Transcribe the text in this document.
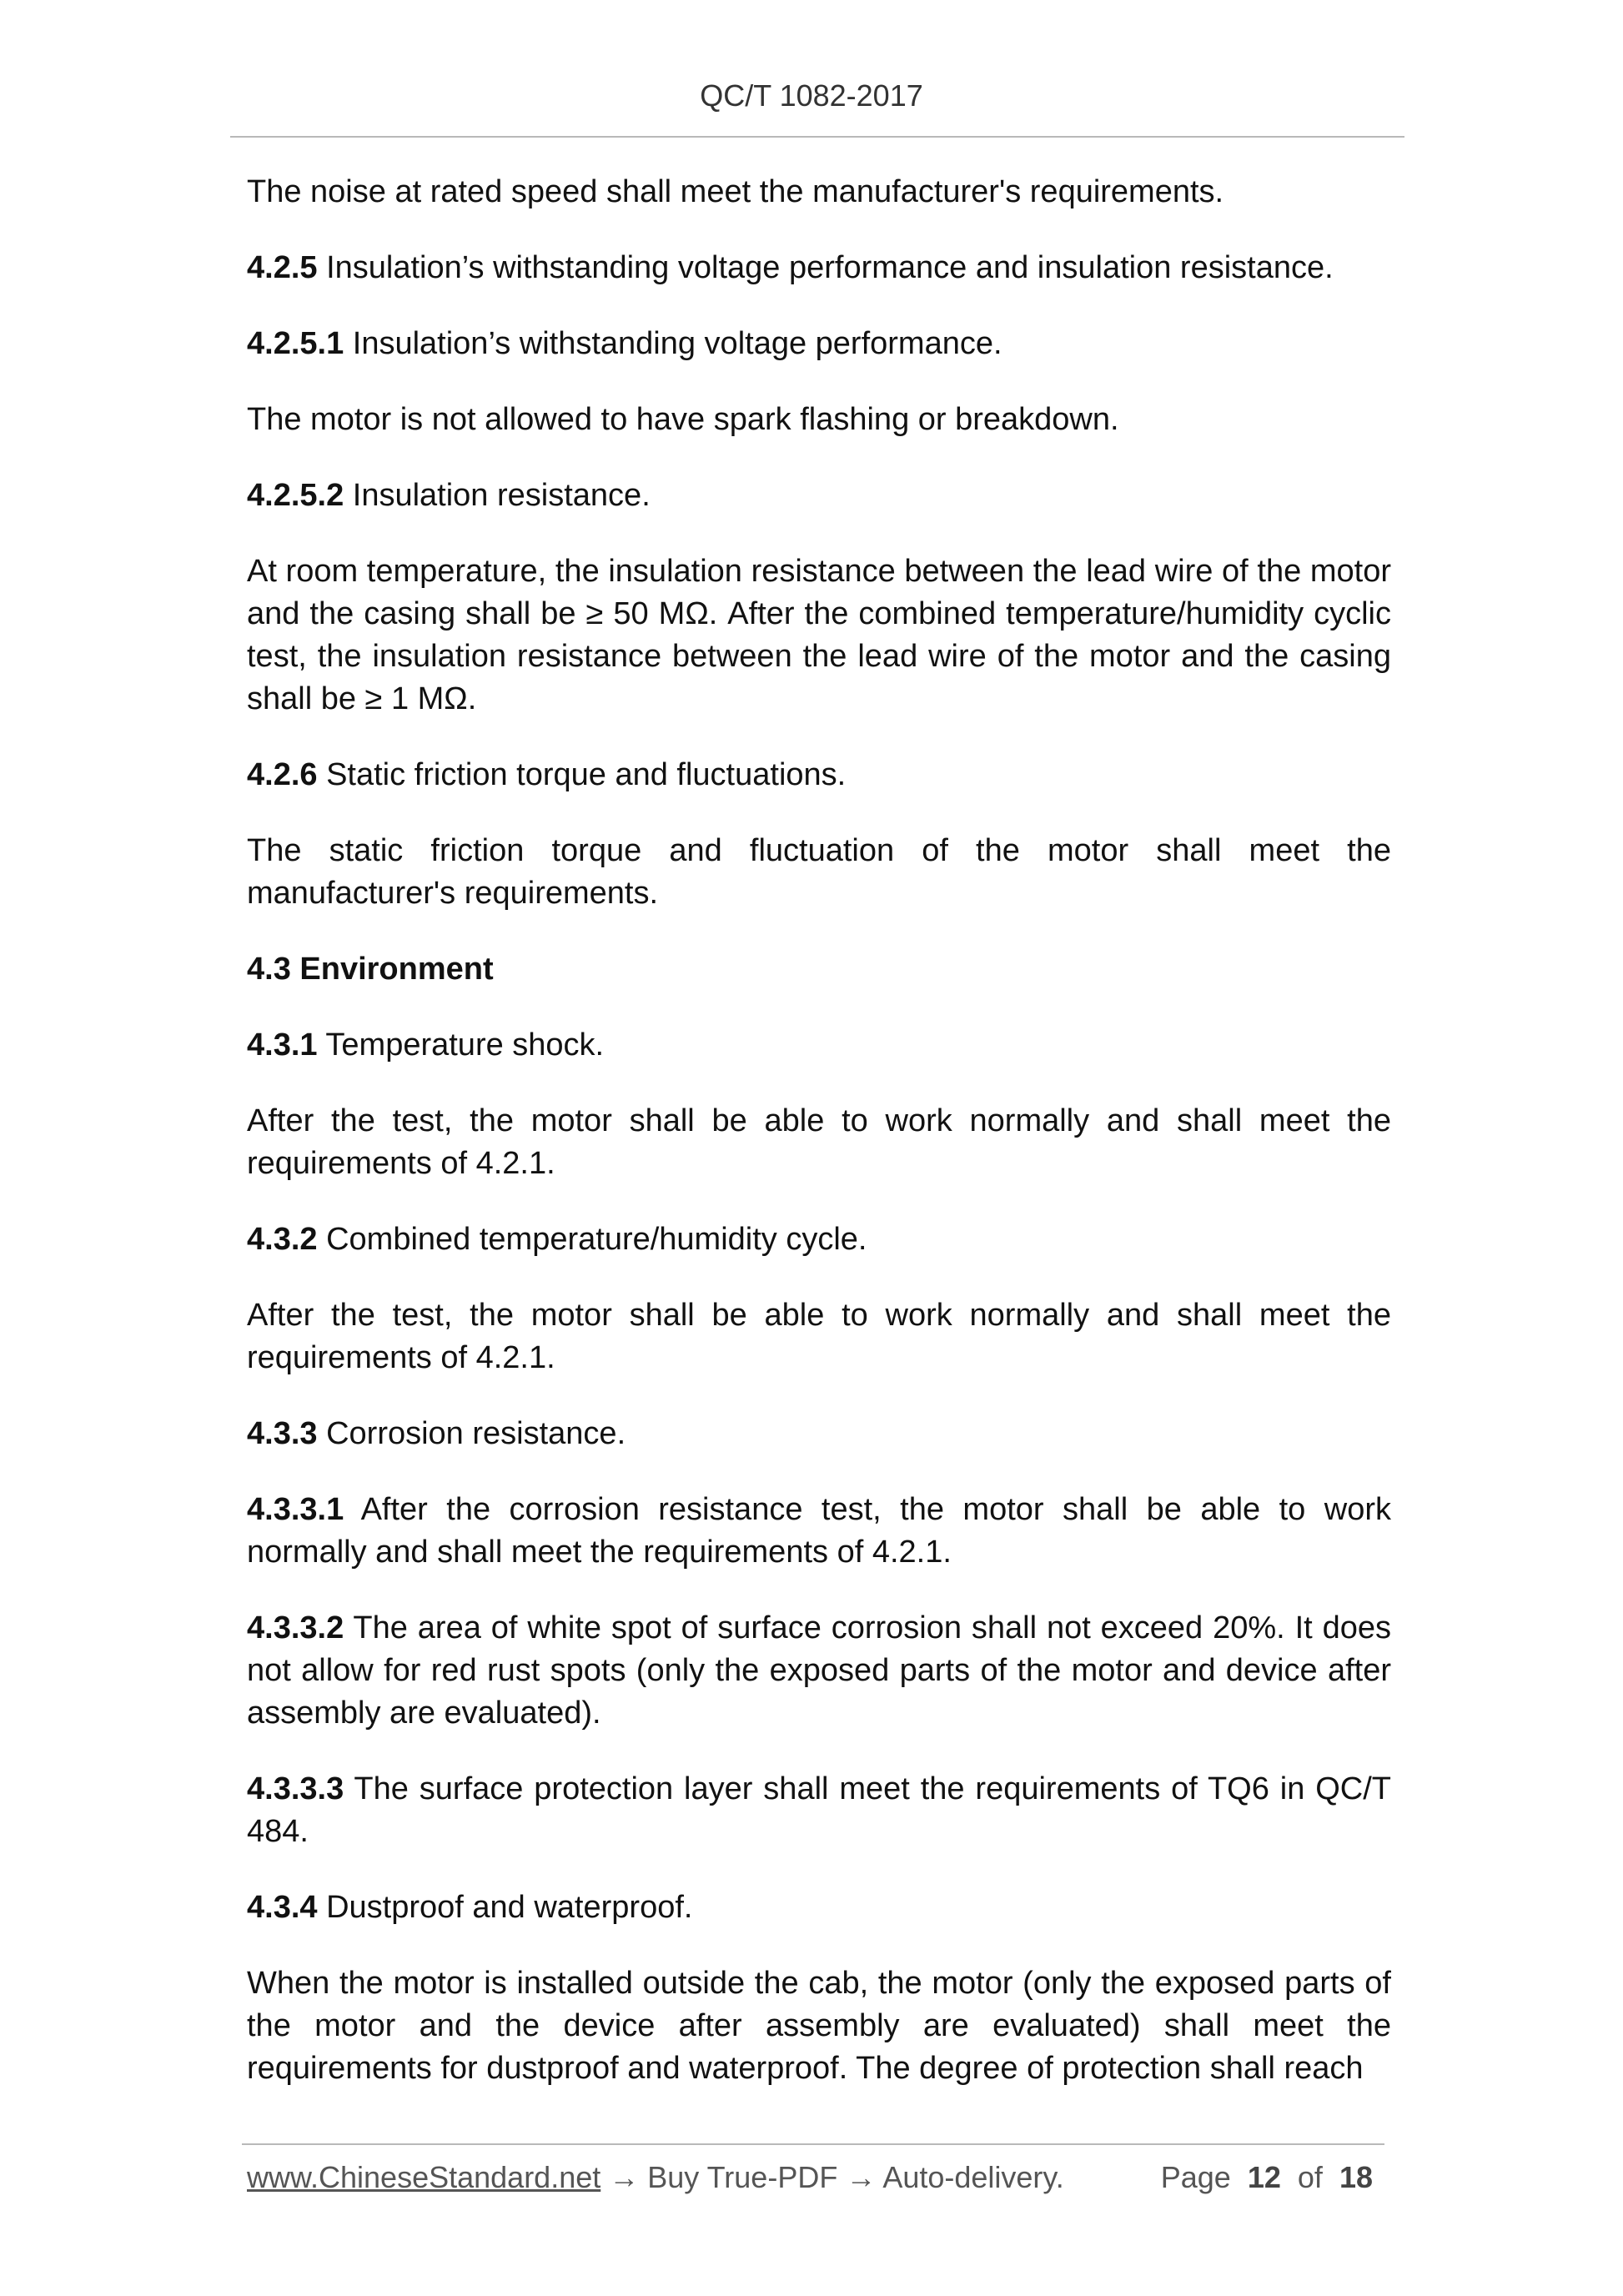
QC/T 1082-2017

The noise at rated speed shall meet the manufacturer's requirements.

4.2.5 Insulation’s withstanding voltage performance and insulation resistance.

4.2.5.1 Insulation’s withstanding voltage performance.

The motor is not allowed to have spark flashing or breakdown.

4.2.5.2 Insulation resistance.

At room temperature, the insulation resistance between the lead wire of the motor and the casing shall be ≥ 50 MΩ. After the combined temperature/humidity cyclic test, the insulation resistance between the lead wire of the motor and the casing shall be ≥ 1 MΩ.

4.2.6 Static friction torque and fluctuations.

The static friction torque and fluctuation of the motor shall meet the manufacturer's requirements.

4.3 Environment

4.3.1 Temperature shock.

After the test, the motor shall be able to work normally and shall meet the requirements of 4.2.1.

4.3.2 Combined temperature/humidity cycle.

After the test, the motor shall be able to work normally and shall meet the requirements of 4.2.1.

4.3.3 Corrosion resistance.

4.3.3.1 After the corrosion resistance test, the motor shall be able to work normally and shall meet the requirements of 4.2.1.

4.3.3.2 The area of white spot of surface corrosion shall not exceed 20%. It does not allow for red rust spots (only the exposed parts of the motor and device after assembly are evaluated).

4.3.3.3 The surface protection layer shall meet the requirements of TQ6 in QC/T 484.

4.3.4 Dustproof and waterproof.

When the motor is installed outside the cab, the motor (only the exposed parts of the motor and the device after assembly are evaluated) shall meet the requirements for dustproof and waterproof. The degree of protection shall reach

www.ChineseStandard.net → Buy True-PDF → Auto-delivery.	Page 12 of 18
